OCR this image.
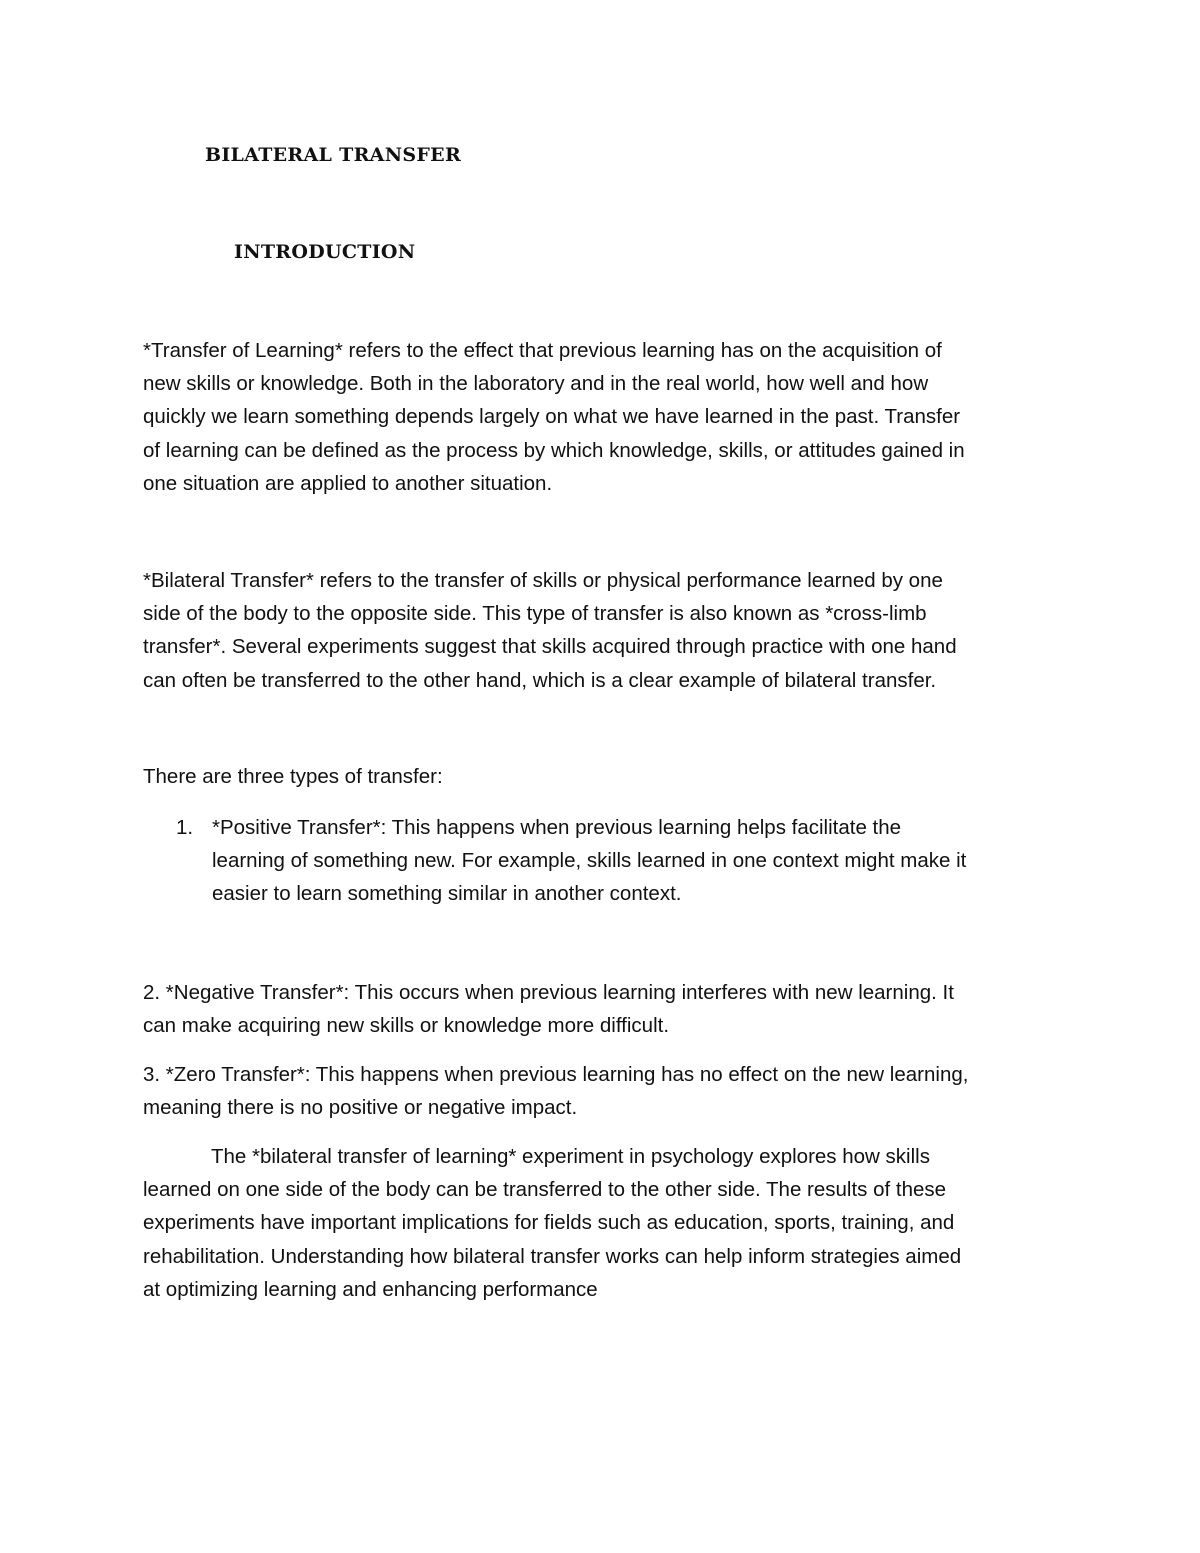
BILATERAL TRANSFER
INTRODUCTION

*Transfer of Learning* refers to the effect that previous learning has on the acquisition of
new skills or knowledge. Both in the laboratory and in the real world, how well and how
quickly we learn something depends largely on what we have learned in the past. Transfer
of learning can be defined as the process by which knowledge, skills, or attitudes gained in
one situation are applied to another situation.

*Bilateral Transfer* refers to the transfer of skills or physical performance learned by one
side of the body to the opposite side. This type of transfer is also known as *cross-limb
transfer*. Several experiments suggest that skills acquired through practice with one hand
can often be transferred to the other hand, which is a clear example of bilateral transfer.

There are three types of transfer:

1. *Positive Transfer*: This happens when previous learning helps facilitate the
learning of something new. For example, skills learned in one context might make it
easier to learn something similar in another context.

2. *Negative Transfer*: This occurs when previous learning interferes with new learning. It
can make acquiring new skills or knowledge more difficult.

3. *Zero Transfer*: This happens when previous learning has no effect on the new learning,
meaning there is no positive or negative impact.

The *bilateral transfer of learning* experiment in psychology explores how skills
learned on one side of the body can be transferred to the other side. The results of these
experiments have important implications for fields such as education, sports, training, and
rehabilitation. Understanding how bilateral transfer works can help inform strategies aimed
at optimizing learning and enhancing performance
